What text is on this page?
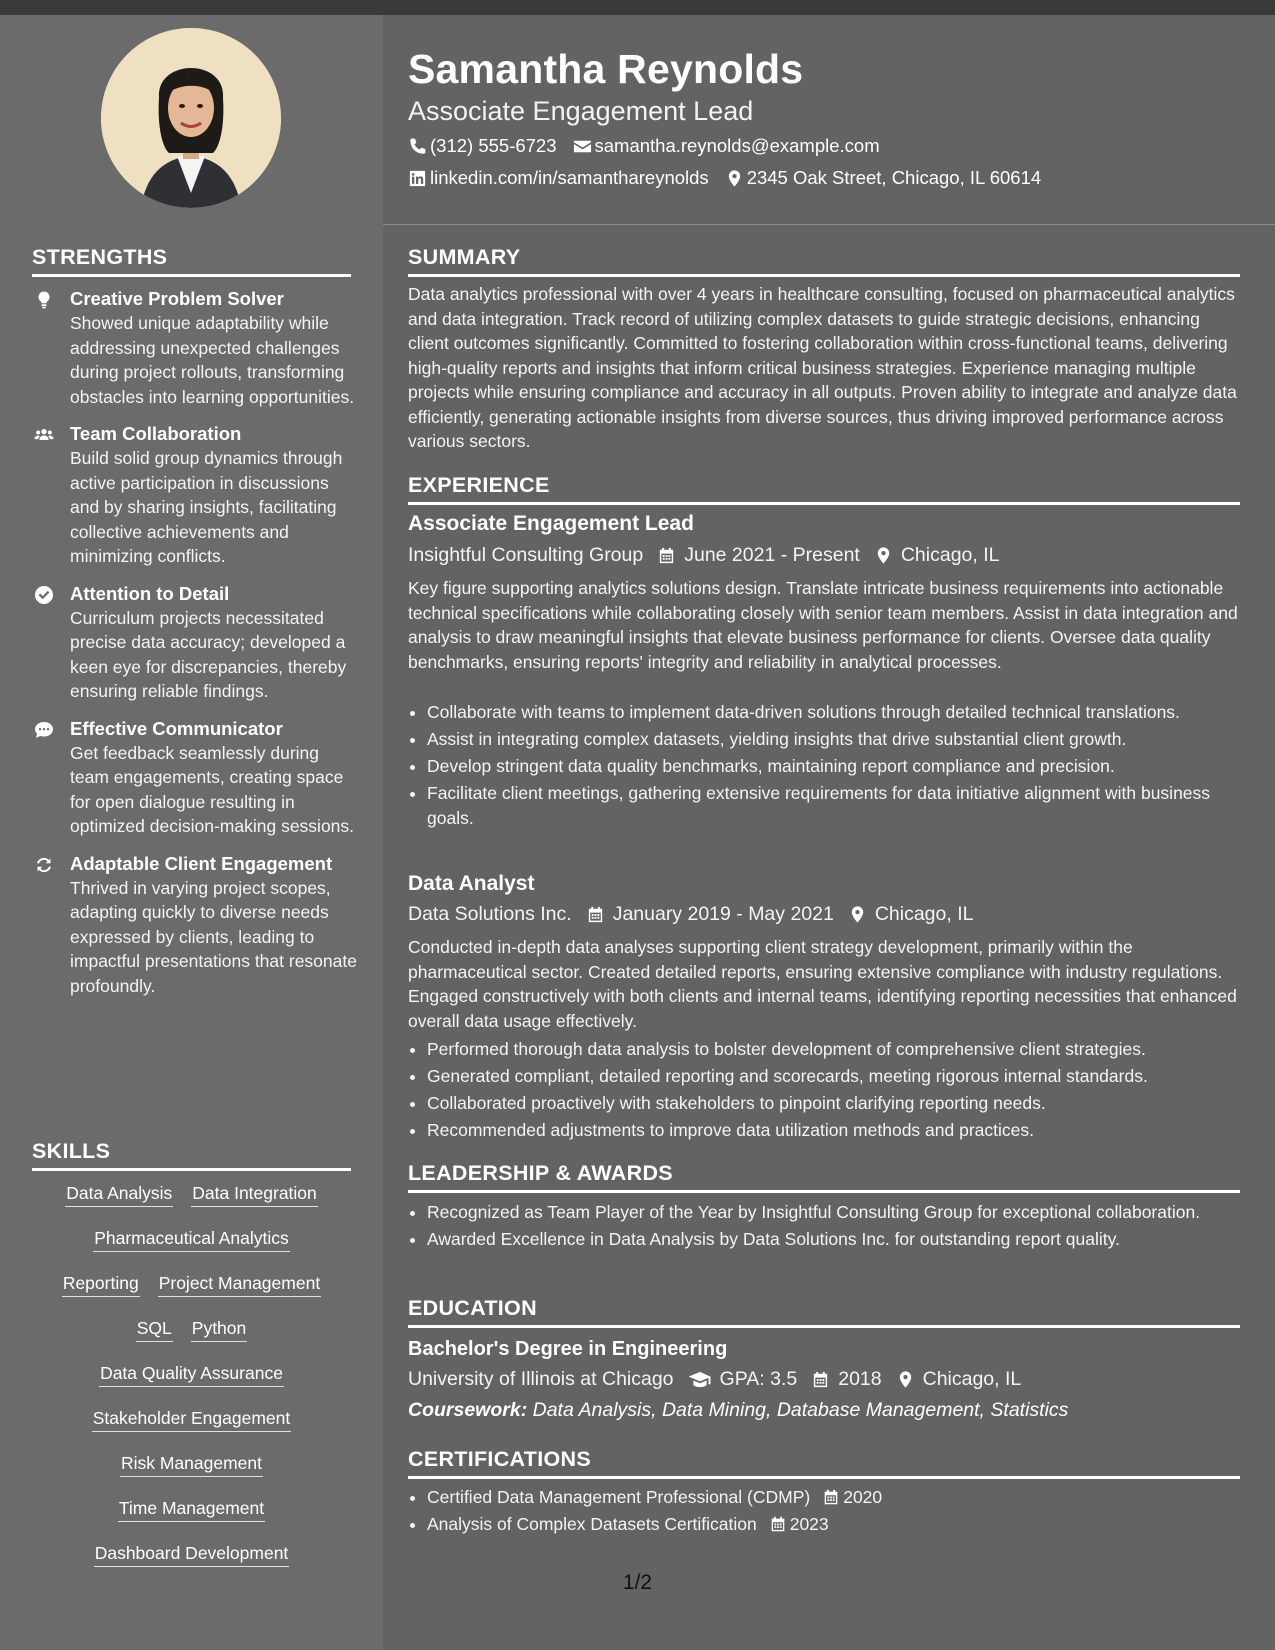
Samantha Reynolds
Associate Engagement Lead
(312) 555-6723 samantha.reynolds@example.com
linkedin.com/in/samanthareynolds 2345 Oak Street, Chicago, IL 60614
STRENGTHS
Creative Problem Solver
Showed unique adaptability while addressing unexpected challenges during project rollouts, transforming obstacles into learning opportunities.
Team Collaboration
Build solid group dynamics through active participation in discussions and by sharing insights, facilitating collective achievements and minimizing conflicts.
Attention to Detail
Curriculum projects necessitated precise data accuracy; developed a keen eye for discrepancies, thereby ensuring reliable findings.
Effective Communicator
Get feedback seamlessly during team engagements, creating space for open dialogue resulting in optimized decision-making sessions.
Adaptable Client Engagement
Thrived in varying project scopes, adapting quickly to diverse needs expressed by clients, leading to impactful presentations that resonate profoundly.
SKILLS
Data Analysis Data Integration
Pharmaceutical Analytics
Reporting Project Management
SQL Python
Data Quality Assurance
Stakeholder Engagement
Risk Management
Time Management
Dashboard Development
SUMMARY
Data analytics professional with over 4 years in healthcare consulting, focused on pharmaceutical analytics and data integration. Track record of utilizing complex datasets to guide strategic decisions, enhancing client outcomes significantly. Committed to fostering collaboration within cross-functional teams, delivering high-quality reports and insights that inform critical business strategies. Experience managing multiple projects while ensuring compliance and accuracy in all outputs. Proven ability to integrate and analyze data efficiently, generating actionable insights from diverse sources, thus driving improved performance across various sectors.
EXPERIENCE
Associate Engagement Lead
Insightful Consulting Group June 2021 - Present Chicago, IL
Key figure supporting analytics solutions design. Translate intricate business requirements into actionable technical specifications while collaborating closely with senior team members. Assist in data integration and analysis to draw meaningful insights that elevate business performance for clients. Oversee data quality benchmarks, ensuring reports' integrity and reliability in analytical processes.
• Collaborate with teams to implement data-driven solutions through detailed technical translations.
• Assist in integrating complex datasets, yielding insights that drive substantial client growth.
• Develop stringent data quality benchmarks, maintaining report compliance and precision.
• Facilitate client meetings, gathering extensive requirements for data initiative alignment with business goals.
Data Analyst
Data Solutions Inc. January 2019 - May 2021 Chicago, IL
Conducted in-depth data analyses supporting client strategy development, primarily within the pharmaceutical sector. Created detailed reports, ensuring extensive compliance with industry regulations. Engaged constructively with both clients and internal teams, identifying reporting necessities that enhanced overall data usage effectively.
• Performed thorough data analysis to bolster development of comprehensive client strategies.
• Generated compliant, detailed reporting and scorecards, meeting rigorous internal standards.
• Collaborated proactively with stakeholders to pinpoint clarifying reporting needs.
• Recommended adjustments to improve data utilization methods and practices.
LEADERSHIP & AWARDS
• Recognized as Team Player of the Year by Insightful Consulting Group for exceptional collaboration.
• Awarded Excellence in Data Analysis by Data Solutions Inc. for outstanding report quality.
EDUCATION
Bachelor's Degree in Engineering
University of Illinois at Chicago GPA: 3.5 2018 Chicago, IL
Coursework: Data Analysis, Data Mining, Database Management, Statistics
CERTIFICATIONS
• Certified Data Management Professional (CDMP) 2020
• Analysis of Complex Datasets Certification 2023
1/2
